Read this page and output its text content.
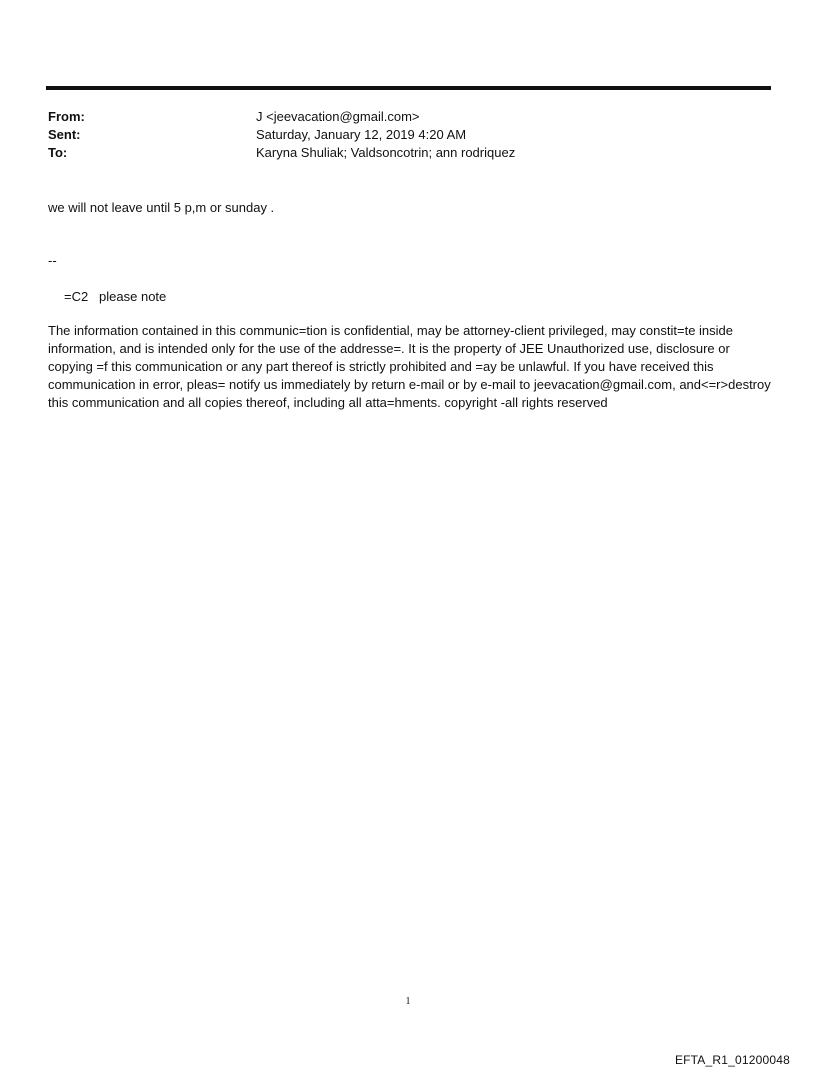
From:	J <jeevacation@gmail.com>
Sent:	Saturday, January 12, 2019 4:20 AM
To:	Karyna Shuliak; Valdsoncotrin; ann rodriquez
we will not leave until 5 p,m or sunday .
--
=C2   please note
The information contained in this communic=tion is confidential, may be attorney-client privileged, may constit=te inside information, and is intended only for the use of the addresse=. It is the property of JEE Unauthorized use, disclosure or copying =f this communication or any part thereof is strictly prohibited and =ay be unlawful. If you have received this communication in error, pleas= notify us immediately by return e-mail or by e-mail to jeevacation@gmail.com, and<=r>destroy this communication and all copies thereof, including all atta=hments. copyright -all rights reserved
1
EFTA_R1_01200048
